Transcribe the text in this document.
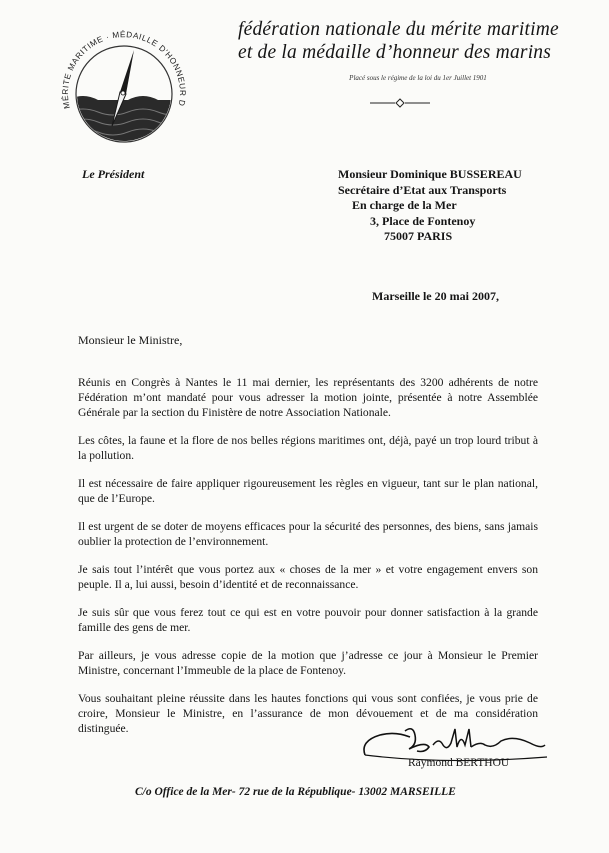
MÉRITE MARITIME · MÉDAILLE D'HONNEUR D
fédération nationale du mérite maritime
et de la médaille d’honneur des marins
Placé sous le régime de la loi du 1er Juillet 1901
Le Président	Monsieur Dominique BUSSEREAU
Secrétaire d’Etat aux Transports
En charge de la Mer
3, Place de Fontenoy
75007 PARIS
Marseille le 20 mai 2007,
Monsieur le Ministre,

Réunis en Congrès à Nantes le 11 mai dernier, les représentants des 3200 adhérents de notre Fédération m’ont mandaté pour vous adresser la motion jointe, présentée à notre Assemblée Générale par la section du Finistère de notre Association Nationale.

Les côtes, la faune et la flore de nos belles régions maritimes ont, déjà, payé un trop lourd tribut à la pollution.

Il est nécessaire de faire appliquer rigoureusement les règles en vigueur, tant sur le plan national, que de l’Europe.

Il est urgent de se doter de moyens efficaces pour la sécurité des personnes, des biens, sans jamais oublier la protection de l’environnement.

Je sais tout l’intérêt que vous portez aux « choses de la mer » et votre engagement envers son peuple. Il a, lui aussi, besoin d’identité et de reconnaissance.

Je suis sûr que vous ferez tout ce qui est en votre pouvoir pour donner satisfaction à la grande famille des gens de mer.

Par ailleurs, je vous adresse copie de la motion que j’adresse ce jour à Monsieur le Premier Ministre, concernant l’Immeuble de la place de Fontenoy.

Vous souhaitant pleine réussite dans les hautes fonctions qui vous sont confiées, je vous prie de croire, Monsieur le Ministre, en l’assurance de mon dévouement et de ma considération distinguée.

Raymond BERTHOU
C/o Office de la Mer- 72 rue de la République- 13002 MARSEILLE
